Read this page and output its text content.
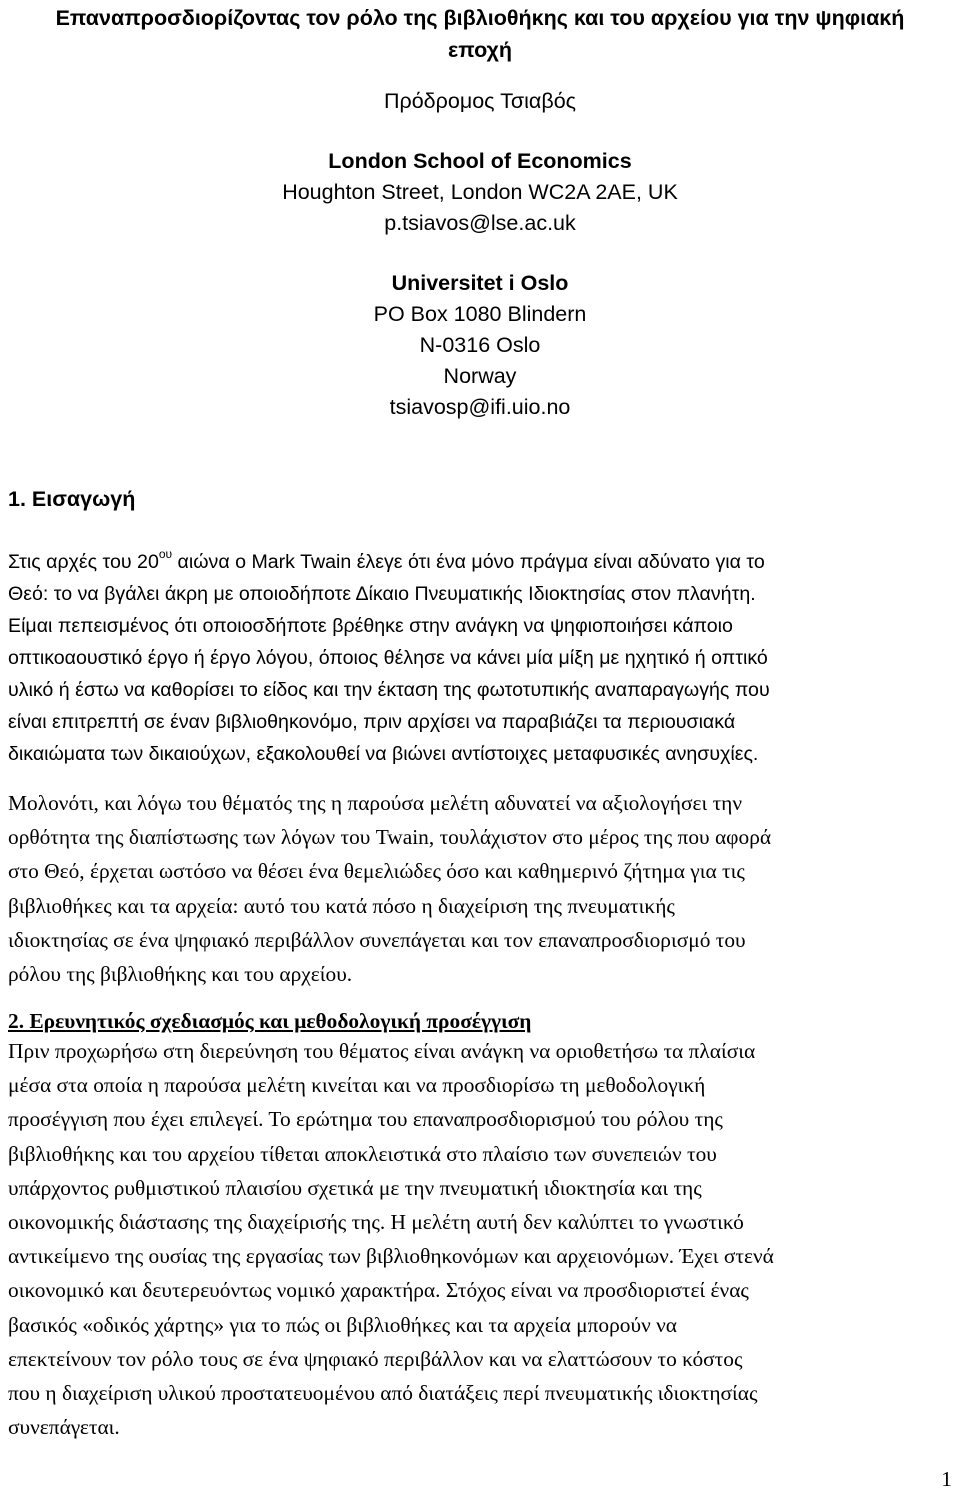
Επαναπροσδιορίζοντας τον ρόλο της βιβλιοθήκης και του αρχείου για την ψηφιακή
εποχή
Πρόδρομος Τσιαβός
London School of Economics
Houghton Street, London WC2A 2AE, UK
p.tsiavos@lse.ac.uk
Universitet i Oslo
PO Box 1080 Blindern
N-0316 Oslo
Norway
tsiavosp@ifi.uio.no
1. Εισαγωγή

Στις αρχές του $20^{o\upsilon}$ αιώνα ο Mark Twain έλεγε ότι ένα μόνο πράγμα είναι αδύνατο για το
Θεό: το να βγάλει άκρη με οποιοδήποτε Δίκαιο Πνευματικής Ιδιοκτησίας στον πλανήτη.
Είμαι πεπεισμένος ότι οποιοσδήποτε βρέθηκε στην ανάγκη να ψηφιοποιήσει κάποιο
οπτικοαουστικό έργο ή έργο λόγου, όποιος θέλησε να κάνει μία μίξη με ηχητικό ή οπτικό
υλικό ή έστω να καθορίσει το είδος και την έκταση της φωτοτυπικής αναπαραγωγής που
είναι επιτρεπτή σε έναν βιβλιοθηκονόμο, πριν αρχίσει να παραβιάζει τα περιουσιακά
δικαιώματα των δικαιούχων, εξακολουθεί να βιώνει αντίστοιχες μεταφυσικές ανησυχίες.

Μολονότι, και λόγω του θέματός της η παρούσα μελέτη αδυνατεί να αξιολογήσει την
ορθότητα της διαπίστωσης των λόγων του Twain, τουλάχιστον στο μέρος της που αφορά
στο Θεό, έρχεται ωστόσο να θέσει ένα θεμελιώδες όσο και καθημερινό ζήτημα για τις
βιβλιοθήκες και τα αρχεία: αυτό του κατά πόσο η διαχείριση της πνευματικής
ιδιοκτησίας σε ένα ψηφιακό περιβάλλον συνεπάγεται και τον επαναπροσδιορισμό του
ρόλου της βιβλιοθήκης και του αρχείου.

2. Ερευνητικός σχεδιασμός και μεθοδολογική προσέγγιση

Πριν προχωρήσω στη διερεύνηση του θέματος είναι ανάγκη να οριοθετήσω τα πλαίσια
μέσα στα οποία η παρούσα μελέτη κινείται και να προσδιορίσω τη μεθοδολογική
προσέγγιση που έχει επιλεγεί. Το ερώτημα του επαναπροσδιορισμού του ρόλου της
βιβλιοθήκης και του αρχείου τίθεται αποκλειστικά στο πλαίσιο των συνεπειών του
υπάρχοντος ρυθμιστικού πλαισίου σχετικά με την πνευματική ιδιοκτησία και της
οικονομικής διάστασης της διαχείρισής της. Η μελέτη αυτή δεν καλύπτει το γνωστικό
αντικείμενο της ουσίας της εργασίας των βιβλιοθηκονόμων και αρχειονόμων. Έχει στενά
οικονομικό και δευτερευόντως νομικό χαρακτήρα. Στόχος είναι να προσδιοριστεί ένας
βασικός «οδικός χάρτης» για το πώς οι βιβλιοθήκες και τα αρχεία μπορούν να
επεκτείνουν τον ρόλο τους σε ένα ψηφιακό περιβάλλον και να ελαττώσουν το κόστος
που η διαχείριση υλικού προστατευομένου από διατάξεις περί πνευματικής ιδιοκτησίας
συνεπάγεται.

1
